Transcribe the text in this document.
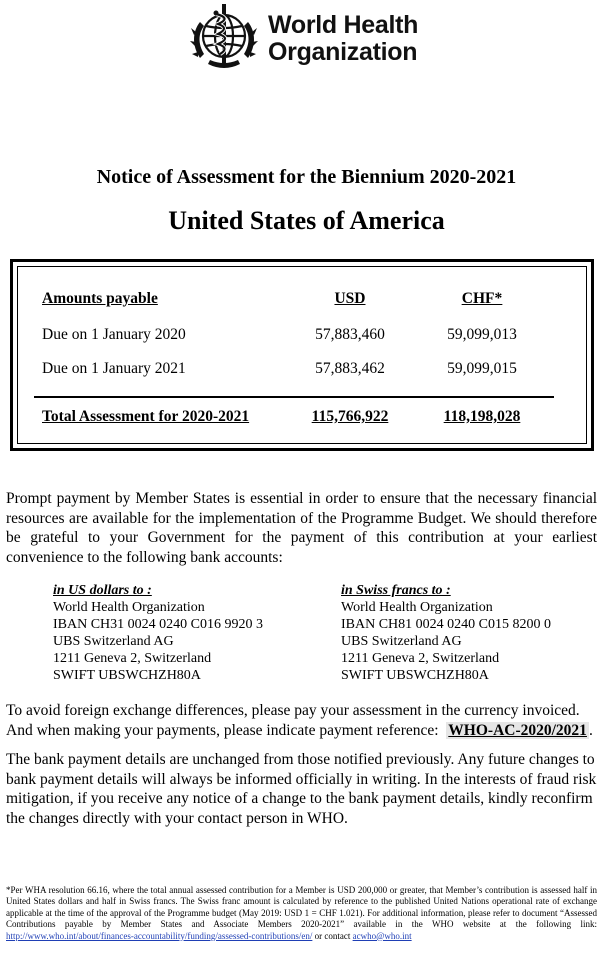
World Health
Organization
Notice of Assessment for the Biennium 2020-2021
United States of America
Amounts payable	USD	CHF*
Due on 1 January 2020	57,883,460	59,099,013
Due on 1 January 2021	57,883,462	59,099,015
Total Assessment for 2020-2021	115,766,922	118,198,028
Prompt payment by Member States is essential in order to ensure that the necessary financial resources are available for the implementation of the Programme Budget. We should therefore be grateful to your Government for the payment of this contribution at your earliest convenience to the following bank accounts:
in US dollars to :
World Health Organization
IBAN CH31 0024 0240 C016 9920 3
UBS Switzerland AG
1211 Geneva 2, Switzerland
SWIFT UBSWCHZH80A
in Swiss francs to :
World Health Organization
IBAN CH81 0024 0240 C015 8200 0
UBS Switzerland AG
1211 Geneva 2, Switzerland
SWIFT UBSWCHZH80A
To avoid foreign exchange differences, please pay your assessment in the currency invoiced. And when making your payments, please indicate payment reference: WHO-AC-2020/2021 .
The bank payment details are unchanged from those notified previously. Any future changes to bank payment details will always be informed officially in writing. In the interests of fraud risk mitigation, if you receive any notice of a change to the bank payment details, kindly reconfirm the changes directly with your contact person in WHO.
*Per WHA resolution 66.16, where the total annual assessed contribution for a Member is USD 200,000 or greater, that Member’s contribution is assessed half in United States dollars and half in Swiss francs. The Swiss franc amount is calculated by reference to the published United Nations operational rate of exchange applicable at the time of the approval of the Programme budget (May 2019: USD 1 = CHF 1.021). For additional information, please refer to document “Assessed Contributions payable by Member States and Associate Members 2020-2021” available in the WHO website at the following link: http://www.who.int/about/finances-accountability/funding/assessed-contributions/en/ or contact acwho@who.int
